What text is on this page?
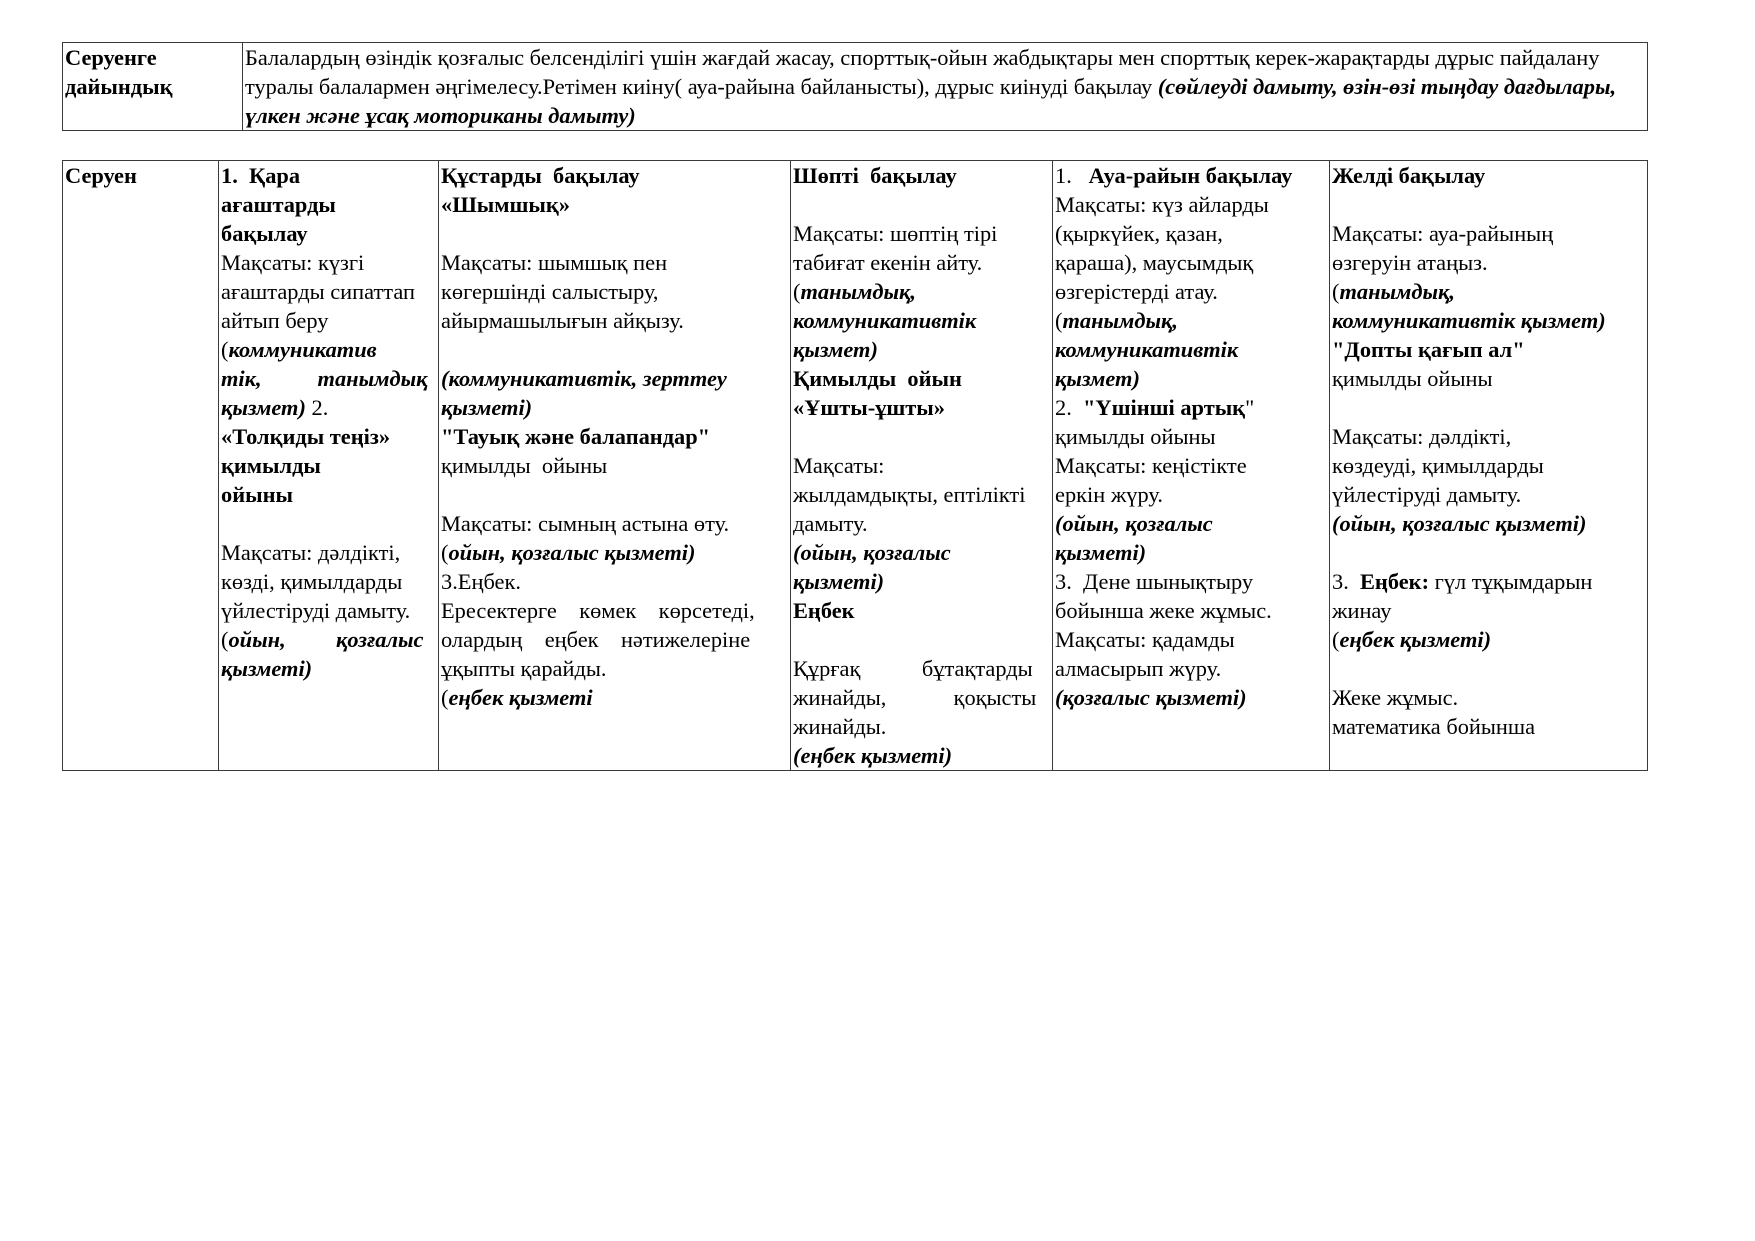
Серуенге дайындық	Балалардың өзіндік қозғалыс белсенділігі үшін жағдай жасау, спорттық-ойын жабдықтары мен спорттық керек-жарақтарды дұрыс пайдалану туралы балалармен әңгімелесу.Ретімен киіну( ауа-райына байланысты), дұрыс киінуді бақылау (сөйлеуді дамыту, өзін-өзі тыңдау дағдылары, үлкен және ұсақ моториканы дамыту)
Серуен	1.  Қара
ағаштарды
бақылау
Мақсаты: күзгі
ағаштарды сипаттап
айтып беру
(коммуникатив
тік,          танымдық
қызмет) 2.
«Толқиды теңіз»
қимылды
ойыны

Мақсаты: дәлдікті,
көзді, қимылдарды
үйлестіруді дамыту.
(ойын,         қозғалыс
қызметі)	Құстарды  бақылау
«Шымшық»

Мақсаты: шымшық пен
көгершінді салыстыру,
айырмашылығын айқызу.

(коммуникативтік, зерттеу
қызметі)
"Тауық және балапандар"
қимылды  ойыны

Мақсаты: сымның астына өту.
(ойын, қозғалыс қызметі)
3.Еңбек.
Ересектерге    көмек    көрсетеді,
олардың    еңбек    нәтижелеріне
ұқыпты қарайды.
(еңбек қызметі	Шөпті  бақылау

Мақсаты: шөптің тірі
табиғат екенін айту.
(танымдық,
коммуникативтік
қызмет)
Қимылды  ойын
«Ұшты-ұшты»

Мақсаты:
жылдамдықты, ептілікті
дамыту.
(ойын, қозғалыс
қызметі)
Еңбек

Құрғақ           бұтақтарды
жинайды,            қоқысты
жинайды.
(еңбек қызметі)	1.   Ауа-райын бақылау
Мақсаты: күз айларды
(қыркүйек, қазан,
қараша), маусымдық
өзгерістерді атау.
(танымдық,
коммуникативтік
қызмет)
2.  "Үшінші артық"
қимылды ойыны
Мақсаты: кеңістікте
еркін жүру.
(ойын, қозғалыс
қызметі)
3.  Дене шынықтыру
бойынша жеке жұмыс.
Мақсаты: қадамды
алмасырып жүру.
(қозғалыс қызметі)	Желді бақылау

Мақсаты: ауа-райының
өзгеруін атаңыз.
(танымдық,
коммуникативтік қызмет)
"Допты қағып ал"
қимылды ойыны

Мақсаты: дәлдікті,
көздеуді, қимылдарды
үйлестіруді дамыту.
(ойын, қозғалыс қызметі)

3.  Еңбек: гүл тұқымдарын
жинау
(еңбек қызметі)

Жеке жұмыс.
математика бойынша
